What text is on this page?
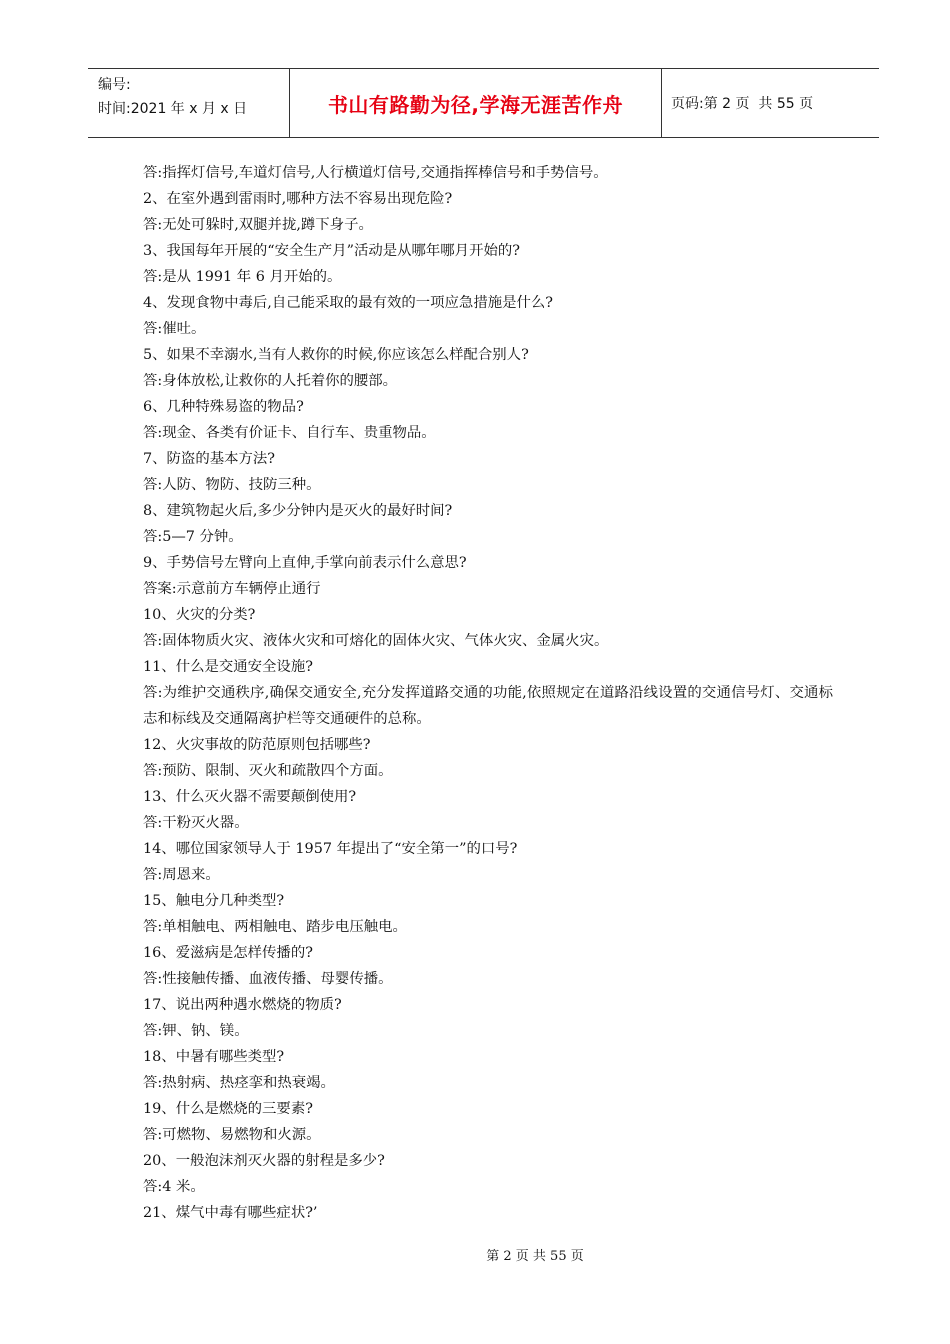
编号:
时间:2021 年 x 月 x 日	书山有路勤为径,学海无涯苦作舟	页码:第 2 页  共 55 页
答:指挥灯信号,车道灯信号,人行横道灯信号,交通指挥棒信号和手势信号。
2、在室外遇到雷雨时,哪种方法不容易出现危险?
答:无处可躲时,双腿并拢,蹲下身子。
3、我国每年开展的“安全生产月”活动是从哪年哪月开始的?
答:是从 1991 年 6 月开始的。
4、发现食物中毒后,自己能采取的最有效的一项应急措施是什么?
答:催吐。
5、如果不幸溺水,当有人救你的时候,你应该怎么样配合别人?
答:身体放松,让救你的人托着你的腰部。
6、几种特殊易盗的物品?
答:现金、各类有价证卡、自行车、贵重物品。
7、防盗的基本方法?
答:人防、物防、技防三种。
8、建筑物起火后,多少分钟内是灭火的最好时间?
答:5—7 分钟。
9、手势信号左臂向上直伸,手掌向前表示什么意思?
答案:示意前方车辆停止通行
10、火灾的分类?
答:固体物质火灾、液体火灾和可熔化的固体火灾、气体火灾、金属火灾。
11、什么是交通安全设施?
答:为维护交通秩序,确保交通安全,充分发挥道路交通的功能,依照规定在道路沿线设置的交通信号灯、交通标志和标线及交通隔离护栏等交通硬件的总称。
12、火灾事故的防范原则包括哪些?
答:预防、限制、灭火和疏散四个方面。
13、什么灭火器不需要颠倒使用?
答:干粉灭火器。
14、哪位国家领导人于 1957 年提出了“安全第一”的口号?
答:周恩来。
15、触电分几种类型?
答:单相触电、两相触电、踏步电压触电。
16、爱滋病是怎样传播的?
答:性接触传播、血液传播、母婴传播。
17、说出两种遇水燃烧的物质?
答:钾、钠、镁。
18、中暑有哪些类型?
答:热射病、热痉挛和热衰竭。
19、什么是燃烧的三要素?
答:可燃物、易燃物和火源。
20、一般泡沫剂灭火器的射程是多少?
答:4 米。
21、煤气中毒有哪些症状?’
第 2 页 共 55 页
